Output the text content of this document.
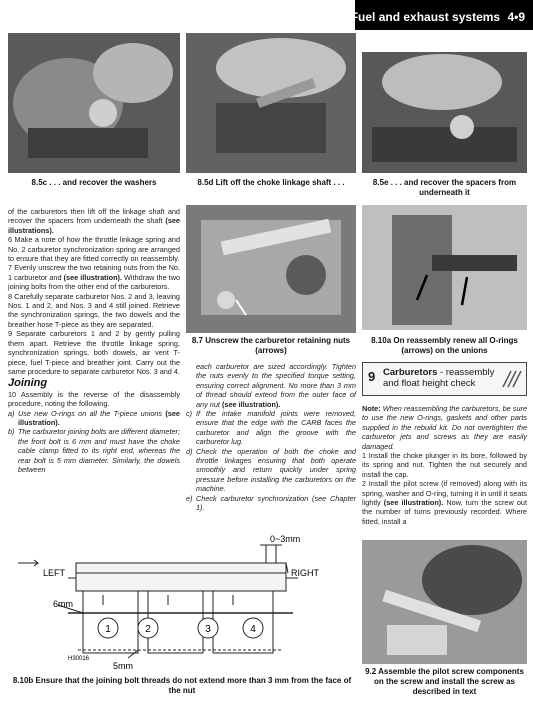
Fuel and exhaust systems 4•9
8.5c . . . and recover the washers	8.5d Lift off the choke linkage shaft . . .	8.5e . . . and recover the spacers from underneath it

of the carburetors then lift off the linkage shaft and recover the spacers from underneath the shaft (see illustrations).

6 Make a note of how the throttle linkage spring and No. 2 carburetor synchronization spring are arranged to ensure that they are fitted correctly on reassembly.

7 Evenly unscrew the two retaining nuts from the No. 1 carburetor and (see illustration). Withdraw the two joining bolts from the other end of the carburetors.

8 Carefully separate carburetor Nos. 2 and 3, leaving Nos. 1 and 2, and Nos. 3 and 4 still joined. Retrieve the synchronization springs, the two dowels and the breather hose T-piece as they are separated.

9 Separate carburetors 1 and 2 by gently pulling them apart. Retrieve the throttle linkage spring, synchronization springs, both dowels, air vent T-piece, fuel T-piece and breather joint. Carry out the same procedure to separate carburetor Nos. 3 and 4.

Joining

10 Assembly is the reverse of the disassembly procedure, noting the following.

a) Use new O-rings on all the T-piece unions (see illustration).
b) The carburetor joining bolts are different diameter; the front bolt is 6 mm and must have the choke cable clamp fitted to its right end, whereas the rear bolt is 5 mm diameter. Similarly, the dowels between
8.7 Unscrew the carburetor retaining nuts (arrows)
8.10a On reassembly renew all O-rings (arrows) on the unions

each carburetor are sized accordingly. Tighten the nuts evenly to the specified torque setting, ensuring correct alignment. No more than 3 mm of thread should extend from the outer face of any nut (see illustration).

c) If the intake manifold joints were removed, ensure that the edge with the CARB faces the carburetor and align the groove with the carburetor lug.
d) Check the operation of both the choke and throttle linkages ensuring that both operate smoothly and return quickly under spring pressure before installing the carburetors on the machine.
e) Check carburetor synchronization (see Chapter 1).
9 Carburetors - reassembly and float height check

Note: When reassembling the carburetors, be sure to use the new O-rings, gaskets and other parts supplied in the rebuild kit. Do not overtighten the carburetor jets and screws as they are easily damaged.

1 Install the choke plunger in its bore, followed by its spring and nut. Tighten the nut securely and install the cap.

2 Install the pilot screw (if removed) along with its spring, washer and O-ring, turning it in until it seats lightly (see illustration). Now, turn the screw out the number of turns previously recorded. Where fitted, install a

9.2 Assemble the pilot screw components on the screw and install the screw as described in text
1	2	3	4
LEFT	RIGHT
0~3mm
6mm
5mm
H30016
8.10b Ensure that the joining bolt threads do not extend more than 3 mm from the face of the nut
